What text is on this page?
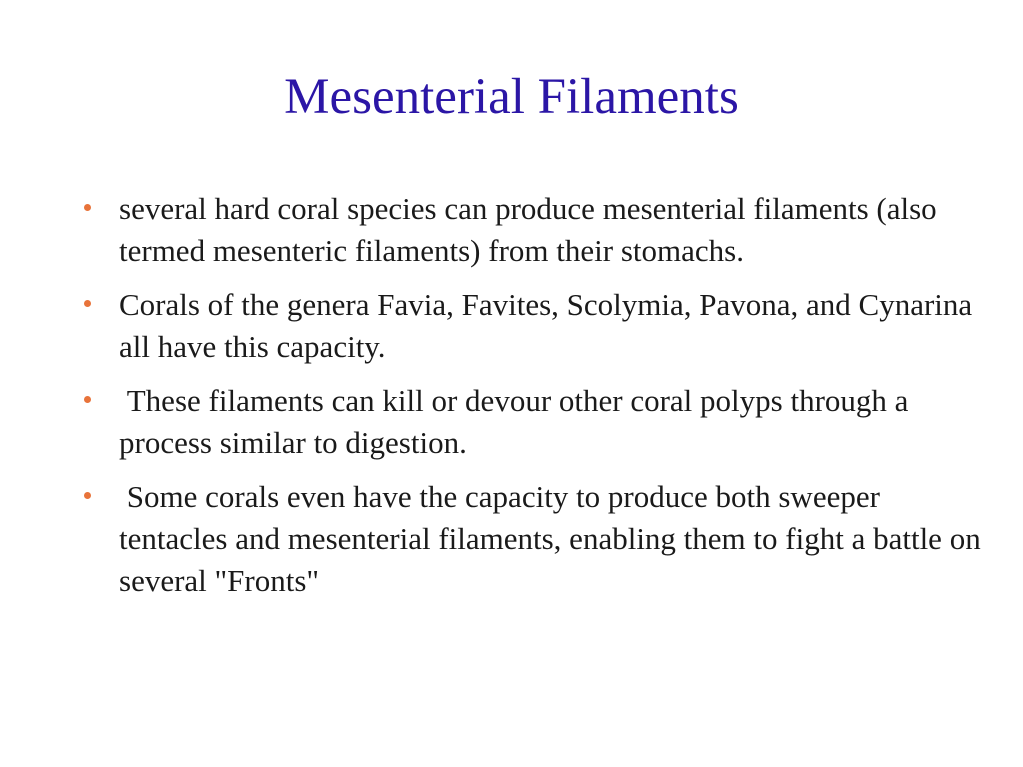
Mesenterial Filaments
several hard coral species can produce mesenterial filaments (also termed mesenteric filaments) from their stomachs.
Corals of the genera Favia, Favites, Scolymia, Pavona, and Cynarina all have this capacity.
These filaments can kill or devour other coral polyps through a process similar to digestion.
Some corals even have the capacity to produce both sweeper tentacles and mesenterial filaments, enabling them to fight a battle on several "Fronts"
